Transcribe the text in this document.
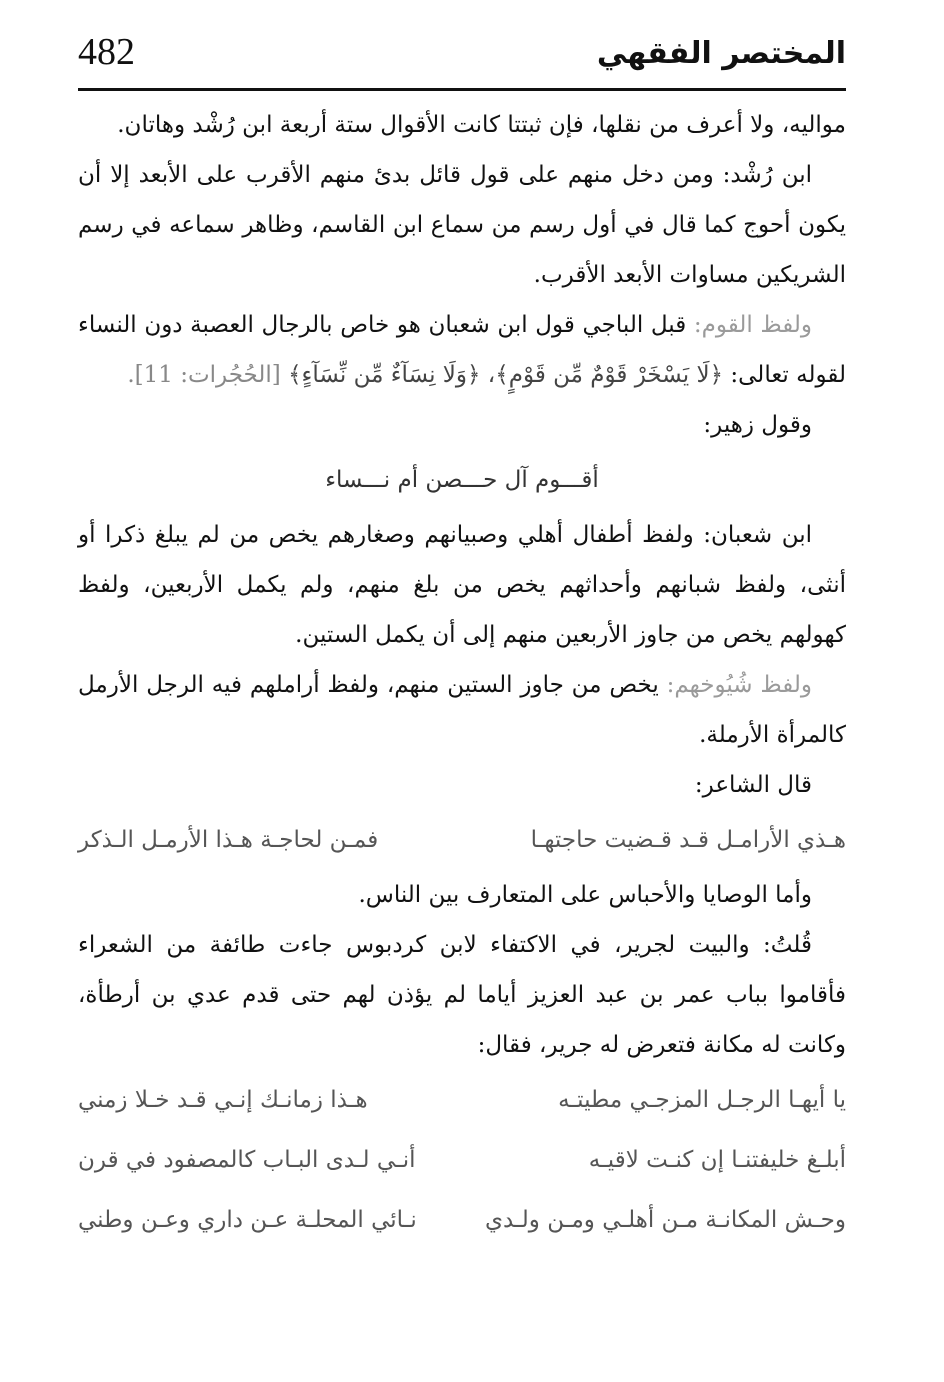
482	المختصر الفقهي

مواليه، ولا أعرف من نقلها، فإن ثبتتا كانت الأقوال ستة أربعة ابن رُشْد وهاتان.

ابن رُشْد: ومن دخل منهم على قول قائل بدئ منهم الأقرب على الأبعد إلا أن يكون أحوج كما قال في أول رسم من سماع ابن القاسم، وظاهر سماعه في رسم الشريكين مساوات الأبعد الأقرب.

ولفظ القوم: قبل الباجي قول ابن شعبان هو خاص بالرجال العصبة دون النساء لقوله تعالى: ﴿لَا يَسْخَرْ قَوْمٌ مِّن قَوْمٍ﴾، ﴿وَلَا نِسَآءٌ مِّن نِّسَآءٍ﴾ [الحُجُرات: 11].

وقول زهير:

أقـــوم آل حـــصن أم نـــساء

ابن شعبان: ولفظ أطفال أهلي وصبيانهم وصغارهم يخص من لم يبلغ ذكرا أو أنثى، ولفظ شبانهم وأحداثهم يخص من بلغ منهم، ولم يكمل الأربعين، ولفظ كهولهم يخص من جاوز الأربعين منهم إلى أن يكمل الستين.

ولفظ شُيُوخهم: يخص من جاوز الستين منهم، ولفظ أراملهم فيه الرجل الأرمل كالمرأة الأرملة.

قال الشاعر:

هـذي الأرامـل قـد قـضيت حاجتهـا
فمـن لحاجـة هـذا الأرمـل الـذكر

وأما الوصايا والأحباس على المتعارف بين الناس.

قُلتُ: والبيت لجرير، في الاكتفاء لابن كردبوس جاءت طائفة من الشعراء فأقاموا بباب عمر بن عبد العزيز أياما لم يؤذن لهم حتى قدم عدي بن أرطأة، وكانت له مكانة فتعرض له جرير، فقال:

يا أيهـا الرجـل المزجـي مطيتـه
هـذا زمانـك إنـي قـد خـلا زمني
أبلـغ خليفتنـا إن كنـت لاقيـه
أنـي لـدى البـاب كالمصفود في قرن
وحـش المكانـة مـن أهلـي ومـن ولـدي
نـائي المحلـة عـن داري وعـن وطني
